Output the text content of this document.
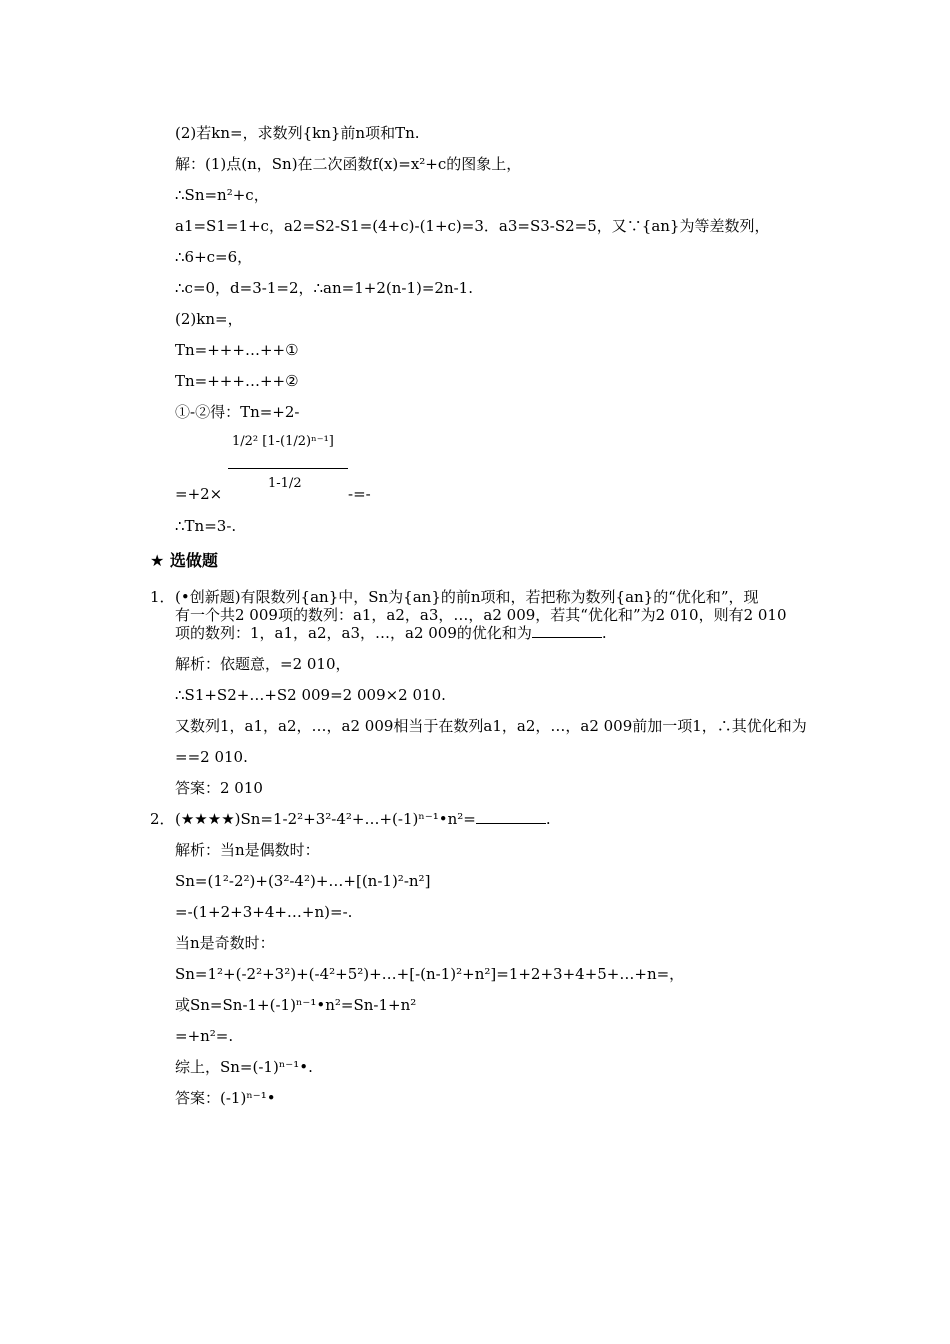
(2)若kn=，求数列{kn}前n项和Tn.
解：(1)点(n，Sn)在二次函数f(x)=x²+c的图象上，
∴Sn=n²+c，
a1=S1=1+c，a2=S2-S1=(4+c)-(1+c)=3．a3=S3-S2=5，又∵{an}为等差数列，
∴6+c=6，
∴c=0，d=3-1=2，∴an=1+2(n-1)=2n-1.
(2)kn=，
Tn=+++…++①
Tn=+++…++②
①-②得：Tn=+2-
1/2² [1-(1/2)ⁿ⁻¹]
1-1/2
=+2×	-=-
∴Tn=3-.
★ 选做题
1． (•创新题)有限数列{an}中，Sn为{an}的前n项和，若把称为数列{an}的“优化和”，现
有一个共2 009项的数列：a1，a2，a3，…，a2 009，若其“优化和”为2 010，则有2 010
项的数列：1，a1，a2，a3，…，a2 009的优化和为	.
解析：依题意，=2 010，
∴S1+S2+…+S2 009=2 009×2 010.
又数列1，a1，a2，…，a2 009相当于在数列a1，a2，…，a2 009前加一项1，∴其优化和为
==2 010.
答案：2 010
2． (★★★★)Sn=1-2²+3²-4²+…+(-1)ⁿ⁻¹•n²=	.
解析：当n是偶数时：
Sn=(1²-2²)+(3²-4²)+…+[(n-1)²-n²]
=-(1+2+3+4+…+n)=-.
当n是奇数时：
Sn=1²+(-2²+3²)+(-4²+5²)+…+[-(n-1)²+n²]=1+2+3+4+5+…+n=，
或Sn=Sn-1+(-1)ⁿ⁻¹•n²=Sn-1+n²
=+n²=.
综上，Sn=(-1)ⁿ⁻¹•.
答案：(-1)ⁿ⁻¹•
